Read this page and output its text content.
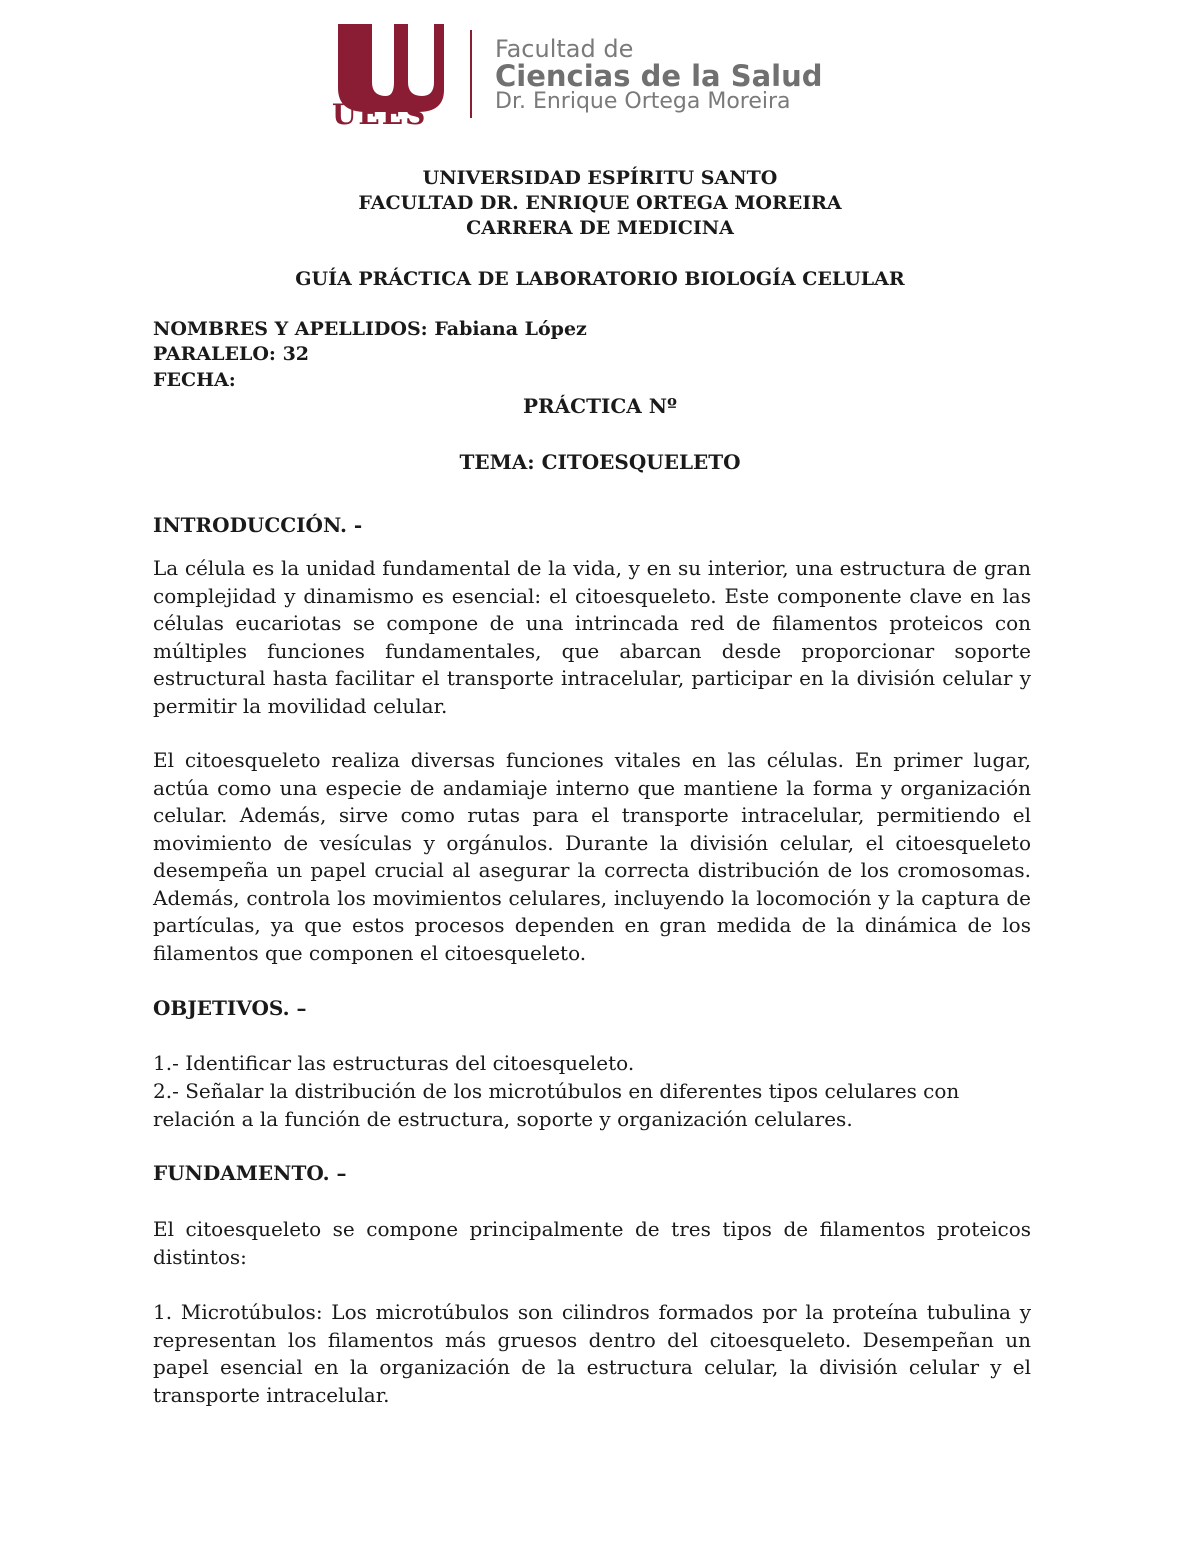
UEES
Facultad de
Ciencias de la Salud
Dr. Enrique Ortega Moreira
UNIVERSIDAD ESPÍRITU SANTO
FACULTAD DR. ENRIQUE ORTEGA MOREIRA
CARRERA DE MEDICINA
GUÍA PRÁCTICA DE LABORATORIO BIOLOGÍA CELULAR
NOMBRES Y APELLIDOS: Fabiana López
PARALELO: 32
FECHA:
PRÁCTICA Nº
TEMA: CITOESQUELETO
INTRODUCCIÓN. -

La célula es la unidad fundamental de la vida, y en su interior, una estructura de gran complejidad y dinamismo es esencial: el citoesqueleto. Este componente clave en las células eucariotas se compone de una intrincada red de filamentos proteicos con múltiples funciones fundamentales, que abarcan desde proporcionar soporte estructural hasta facilitar el transporte intracelular, participar en la división celular y permitir la movilidad celular.

El citoesqueleto realiza diversas funciones vitales en las células. En primer lugar, actúa como una especie de andamiaje interno que mantiene la forma y organización celular. Además, sirve como rutas para el transporte intracelular, permitiendo el movimiento de vesículas y orgánulos. Durante la división celular, el citoesqueleto desempeña un papel crucial al asegurar la correcta distribución de los cromosomas. Además, controla los movimientos celulares, incluyendo la locomoción y la captura de partículas, ya que estos procesos dependen en gran medida de la dinámica de los filamentos que componen el citoesqueleto.

OBJETIVOS. –

1.- Identificar las estructuras del citoesqueleto.

2.- Señalar la distribución de los microtúbulos en diferentes tipos celulares con relación a la función de estructura, soporte y organización celulares.

FUNDAMENTO. –

El citoesqueleto se compone principalmente de tres tipos de filamentos proteicos distintos:

1. Microtúbulos: Los microtúbulos son cilindros formados por la proteína tubulina y representan los filamentos más gruesos dentro del citoesqueleto. Desempeñan un papel esencial en la organización de la estructura celular, la división celular y el transporte intracelular.
